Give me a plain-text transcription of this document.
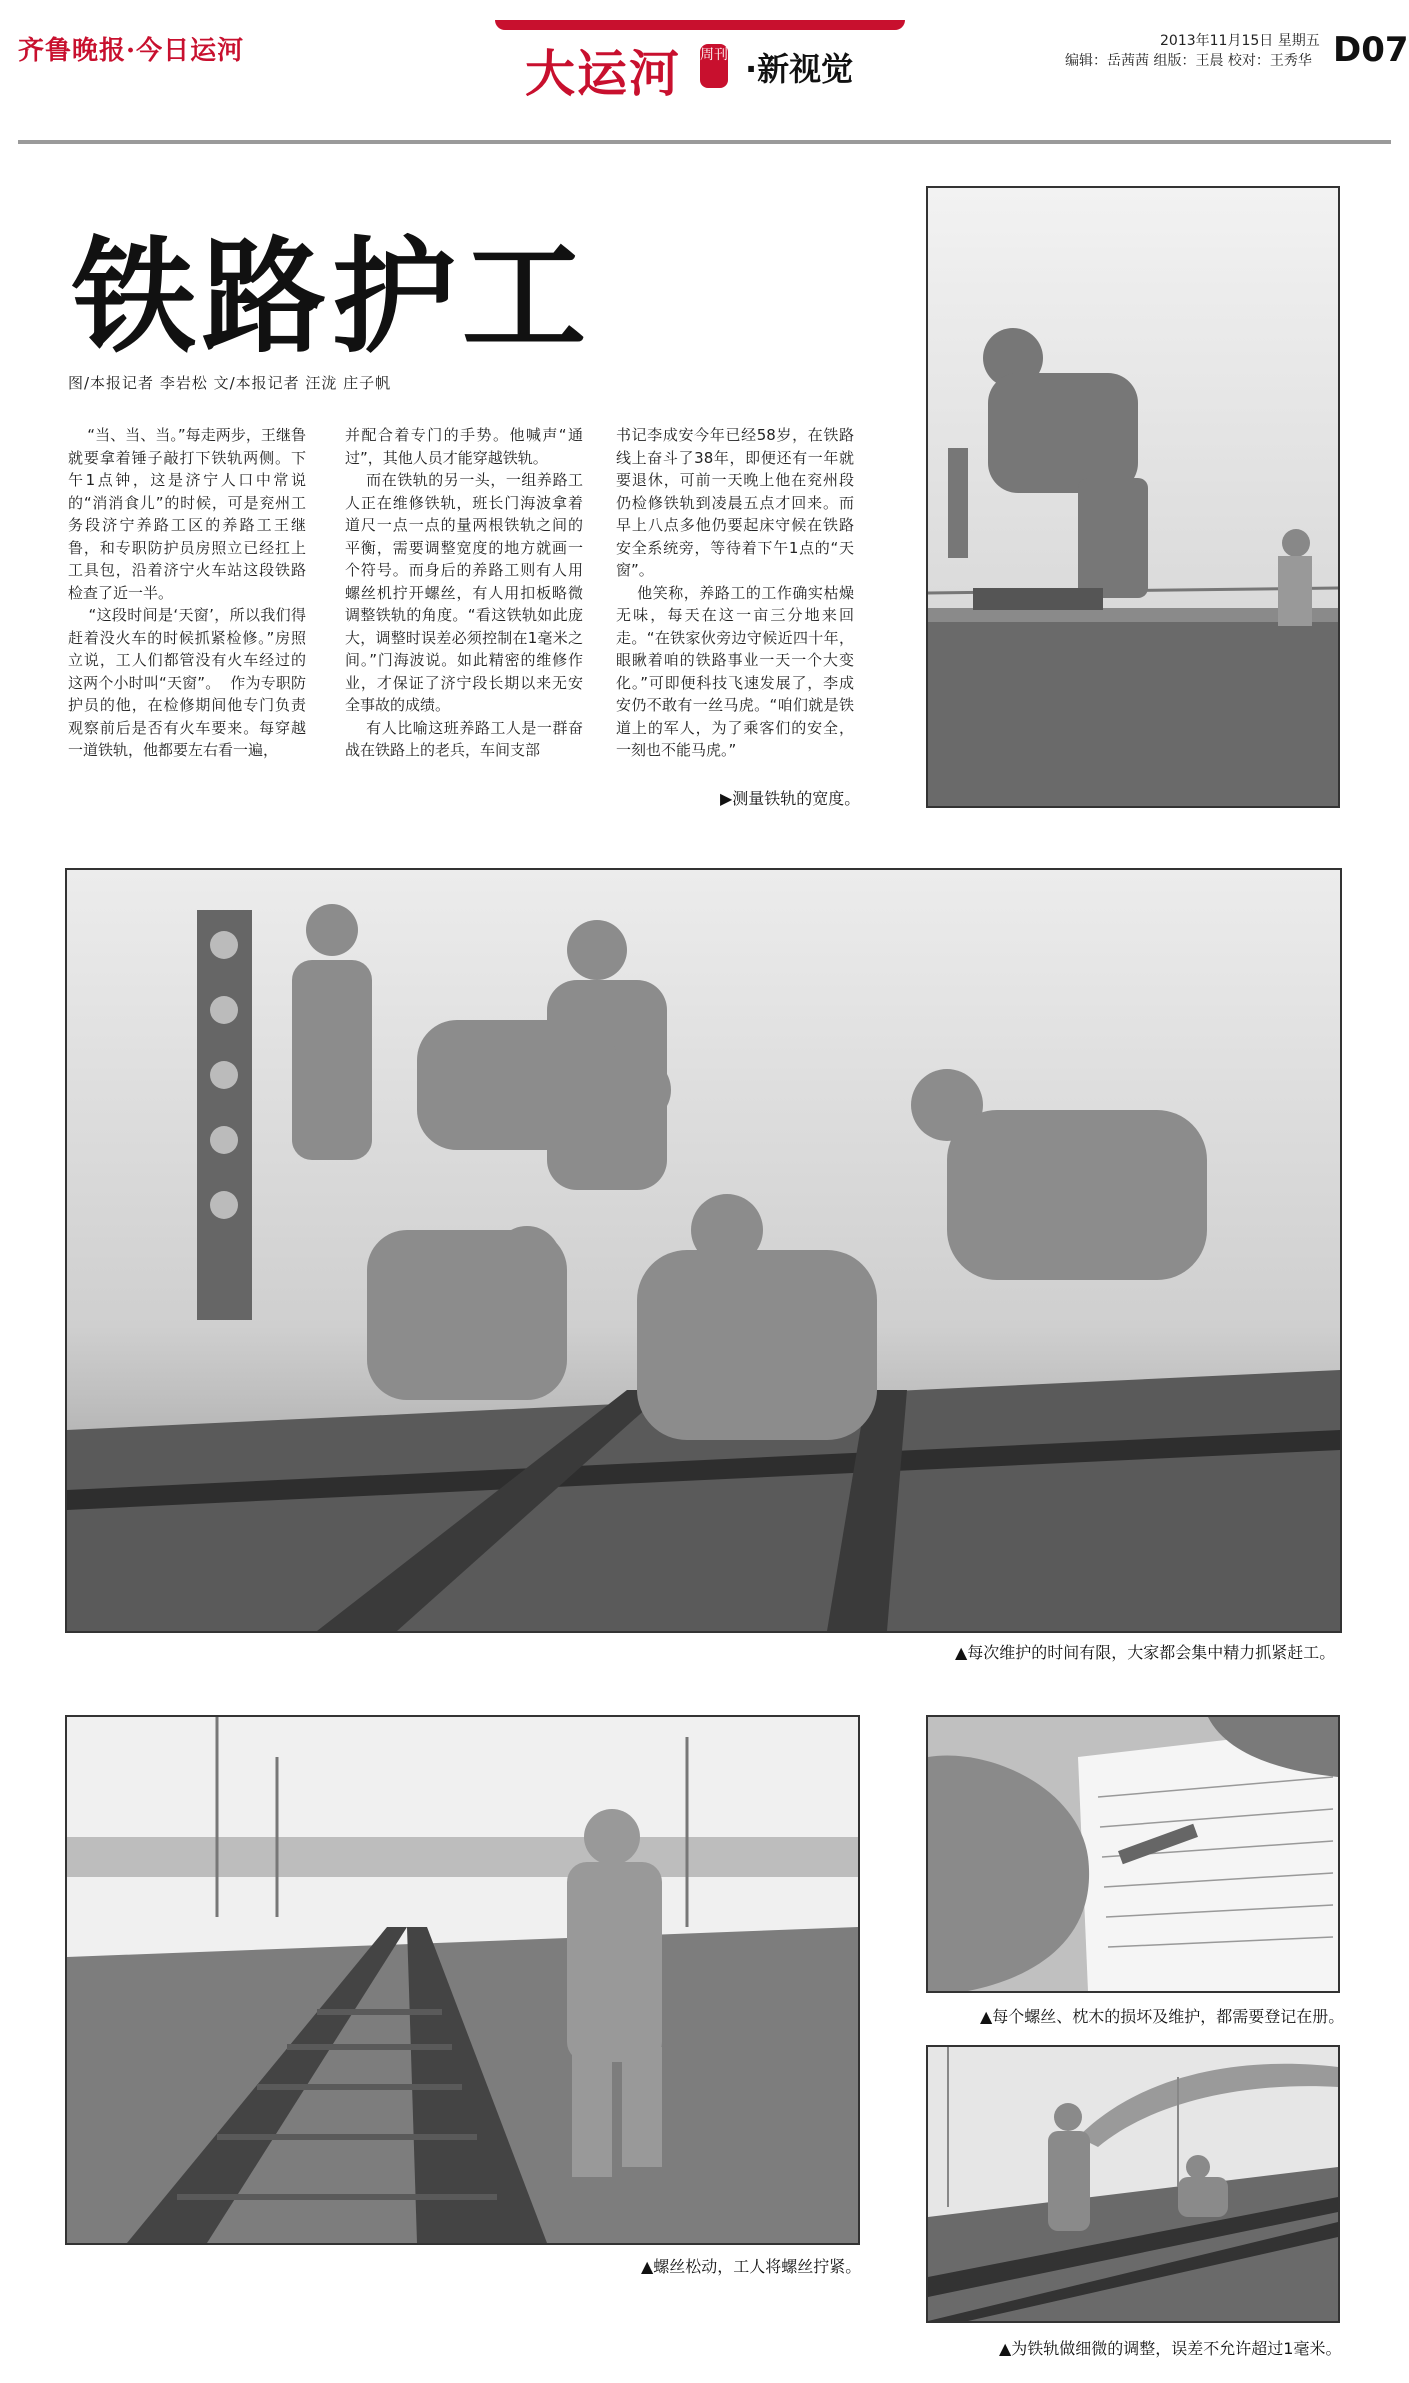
齐鲁晚报·今日运河	大运河 周刊 ·新视觉
2013年11月15日 星期五
编辑：岳茜茜 组版：王晨 校对：王秀华 D07
铁路护工
图/本报记者 李岩松 文/本报记者 汪泷 庄子帆
“当、当、当。”每走两步，王继鲁就要拿着锤子敲打下铁轨两侧。下午1点钟，这是济宁人口中常说的“消消食儿”的时候，可是兖州工务段济宁养路工区的养路工王继鲁，和专职防护员房照立已经扛上工具包，沿着济宁火车站这段铁路检查了近一半。
“这段时间是‘天窗’，所以我们得赶着没火车的时候抓紧检修。”房照立说，工人们都管没有火车经过的这两个小时叫“天窗”。  作为专职防护员的他，在检修期间他专门负责观察前后是否有火车要来。每穿越一道铁轨，他都要左右看一遍，
并配合着专门的手势。他喊声“通过”，其他人员才能穿越铁轨。
而在铁轨的另一头，一组养路工人正在维修铁轨，班长门海波拿着道尺一点一点的量两根铁轨之间的平衡，需要调整宽度的地方就画一个符号。而身后的养路工则有人用螺丝机拧开螺丝，有人用扣板略微调整铁轨的角度。“看这铁轨如此庞大，调整时误差必须控制在1毫米之间。”门海波说。如此精密的维修作业，才保证了济宁段长期以来无安全事故的成绩。
有人比喻这班养路工人是一群奋战在铁路上的老兵，车间支部
书记李成安今年已经58岁，在铁路线上奋斗了38年，即便还有一年就要退休，可前一天晚上他在兖州段仍检修铁轨到凌晨五点才回来。而早上八点多他仍要起床守候在铁路安全系统旁，等待着下午1点的“天窗”。
他笑称，养路工的工作确实枯燥无味，每天在这一亩三分地来回走。“在铁家伙旁边守候近四十年，眼瞅着咱的铁路事业一天一个大变化。”可即便科技飞速发展了，李成安仍不敢有一丝马虎。“咱们就是铁道上的军人，为了乘客们的安全，一刻也不能马虎。”
▶测量铁轨的宽度。
▲每次维护的时间有限，大家都会集中精力抓紧赶工。
▲螺丝松动，工人将螺丝拧紧。
▲每个螺丝、枕木的损坏及维护，都需要登记在册。
▲为铁轨做细微的调整，误差不允许超过1毫米。
